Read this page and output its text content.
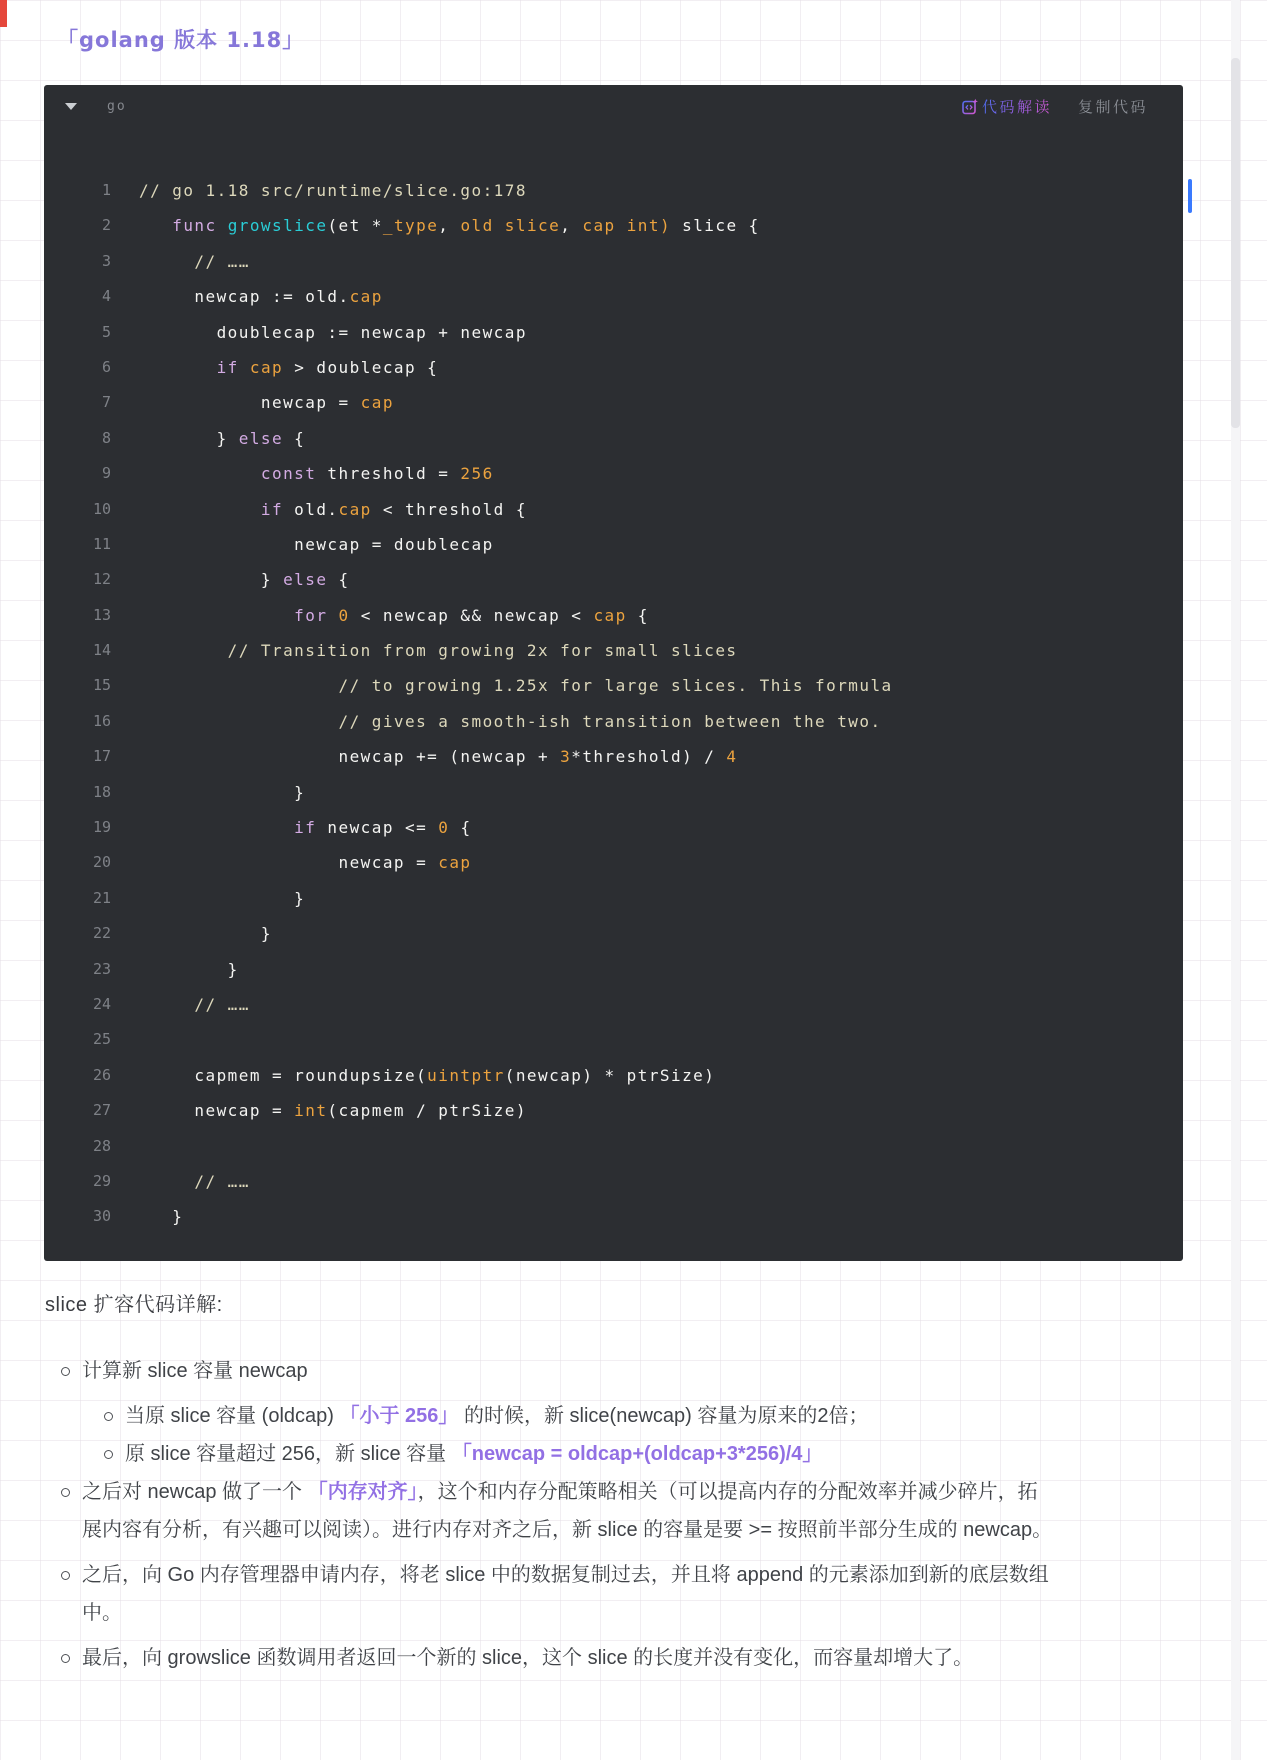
「golang 版本 1.18」
go	代码解读 复制代码
1 // go 1.18 src/runtime/slice.go:178
2	func growslice(et *_type, old slice, cap int) slice {
3	// ……
4 newcap := old.cap
5 doublecap := newcap + newcap
6	if cap > doublecap {
7 newcap = cap
8 } else {
9	const threshold = 256
10	if old.cap < threshold {
11 newcap = doublecap
12 } else {
13	for 0 < newcap && newcap < cap {
14	// Transition from growing 2x for small slices
15	// to growing 1.25x for large slices. This formula
16	// gives a smooth-ish transition between the two.
17 newcap += (newcap + 3*threshold) / 4
18 }
19	if newcap <= 0 {
20 newcap = cap
21 }
22 }
23 }
24	// ……
25
26 capmem = roundupsize(uintptr(newcap) * ptrSize)
27 newcap = int(capmem / ptrSize)
28
29	// ……
30 }
slice 扩容代码详解:
计算新 slice 容量 newcap
当原 slice 容量 (oldcap) 「小于 256」 的时候，新 slice(newcap) 容量为原来的2倍；
原 slice 容量超过 256，新 slice 容量 「newcap = oldcap+(oldcap+3*256)/4」
之后对 newcap 做了一个 「内存对齐」，这个和内存分配策略相关（可以提高内存的分配效率并减少碎片，拓展内容有分析，有兴趣可以阅读）。进行内存对齐之后，新 slice 的容量是要 >= 按照前半部分生成的 newcap。
之后，向 Go 内存管理器申请内存，将老 slice 中的数据复制过去，并且将 append 的元素添加到新的底层数组中。
最后，向 growslice 函数调用者返回一个新的 slice，这个 slice 的长度并没有变化，而容量却增大了。
